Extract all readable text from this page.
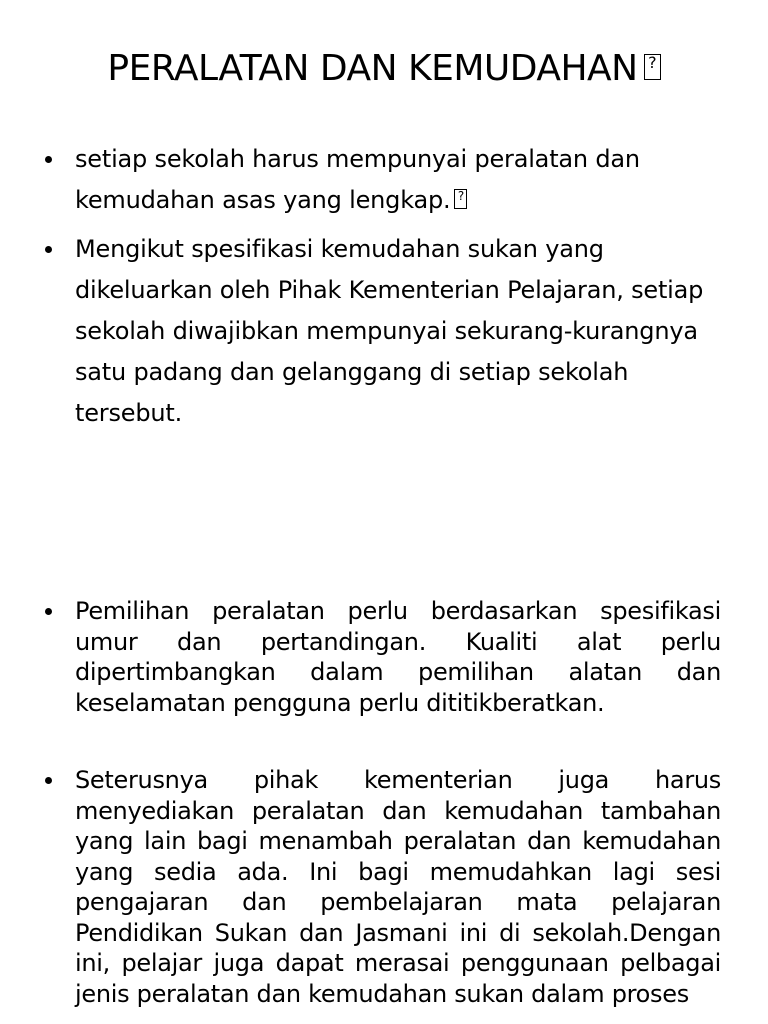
PERALATAN DAN KEMUDAHAN ?
setiap sekolah harus mempunyai peralatan dan kemudahan asas yang lengkap. ?
Mengikut spesifikasi kemudahan sukan yang dikeluarkan oleh Pihak Kementerian Pelajaran, setiap sekolah diwajibkan mempunyai sekurang-kurangnya satu padang dan gelanggang di setiap sekolah tersebut.
Pemilihan peralatan perlu berdasarkan spesifikasi umur dan pertandingan. Kualiti alat perlu dipertimbangkan dalam pemilihan alatan dan keselamatan pengguna perlu dititikberatkan.
Seterusnya pihak kementerian juga harus menyediakan peralatan dan kemudahan tambahan yang lain bagi menambah peralatan dan kemudahan yang sedia ada. Ini bagi memudahkan lagi sesi pengajaran dan pembelajaran mata pelajaran Pendidikan Sukan dan Jasmani ini di sekolah.Dengan ini, pelajar juga dapat merasai penggunaan pelbagai jenis peralatan dan kemudahan sukan dalam proses
